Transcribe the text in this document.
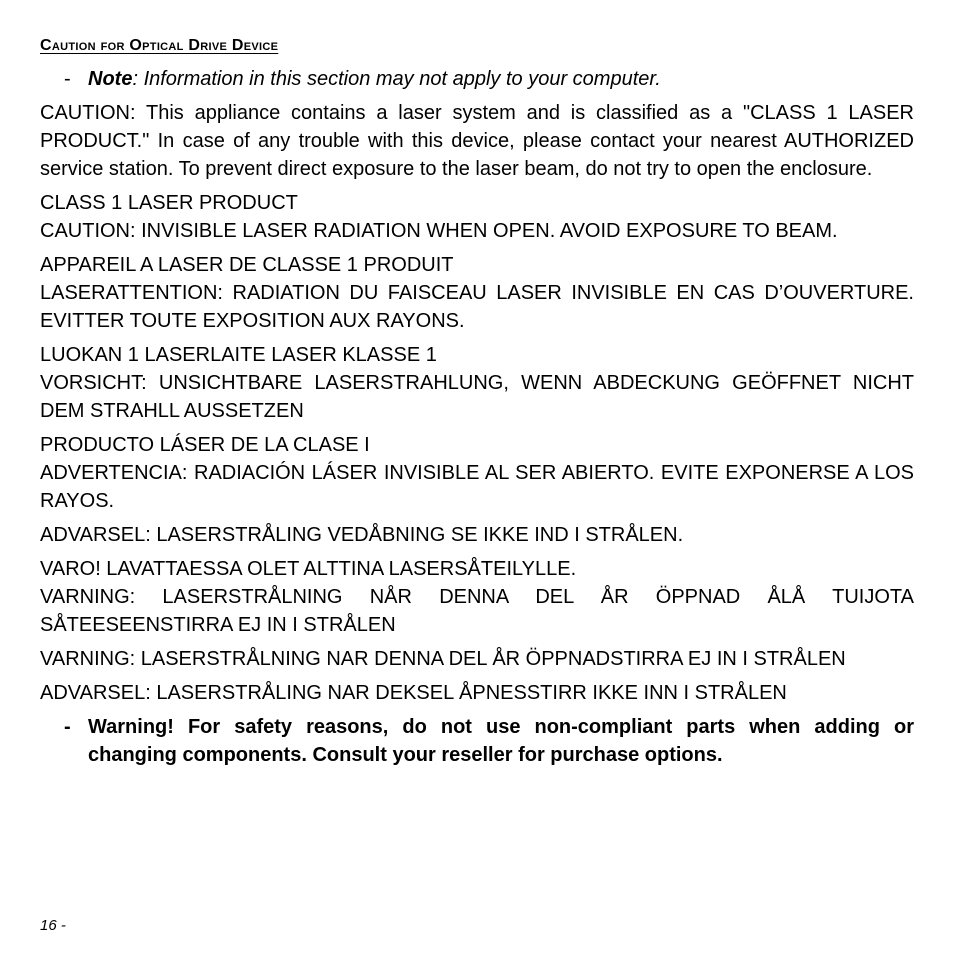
Caution for Optical Drive Device
- Note: Information in this section may not apply to your computer.

CAUTION: This appliance contains a laser system and is classified as a "CLASS 1 LASER PRODUCT." In case of any trouble with this device, please contact your nearest AUTHORIZED service station. To prevent direct exposure to the laser beam, do not try to open the enclosure.

CLASS 1 LASER PRODUCT
CAUTION: INVISIBLE LASER RADIATION WHEN OPEN. AVOID EXPOSURE TO BEAM.

APPAREIL A LASER DE CLASSE 1 PRODUIT
LASERATTENTION: RADIATION DU FAISCEAU LASER INVISIBLE EN CAS D’OUVERTURE. EVITTER TOUTE EXPOSITION AUX RAYONS.

LUOKAN 1 LASERLAITE LASER KLASSE 1
VORSICHT: UNSICHTBARE LASERSTRAHLUNG, WENN ABDECKUNG GEÖFFNET NICHT DEM STRAHLL AUSSETZEN

PRODUCTO LÁSER DE LA CLASE I
ADVERTENCIA: RADIACIÓN LÁSER INVISIBLE AL SER ABIERTO. EVITE EXPONERSE A LOS RAYOS.

ADVARSEL: LASERSTRÅLING VEDÅBNING SE IKKE IND I STRÅLEN.

VARO! LAVATTAESSA OLET ALTTINA LASERSÅTEILYLLE.
VARNING: LASERSTRÅLNING NÅR DENNA DEL ÅR ÖPPNAD ÅLÅ TUIJOTA SÅTEESEENSTIRRA EJ IN I STRÅLEN

VARNING: LASERSTRÅLNING NAR DENNA DEL ÅR ÖPPNADSTIRRA EJ IN I STRÅLEN

ADVARSEL: LASERSTRÅLING NAR DEKSEL ÅPNESSTIRR IKKE INN I STRÅLEN

- Warning! For safety reasons, do not use non-compliant parts when adding or changing components. Consult your reseller for purchase options.
16 -
